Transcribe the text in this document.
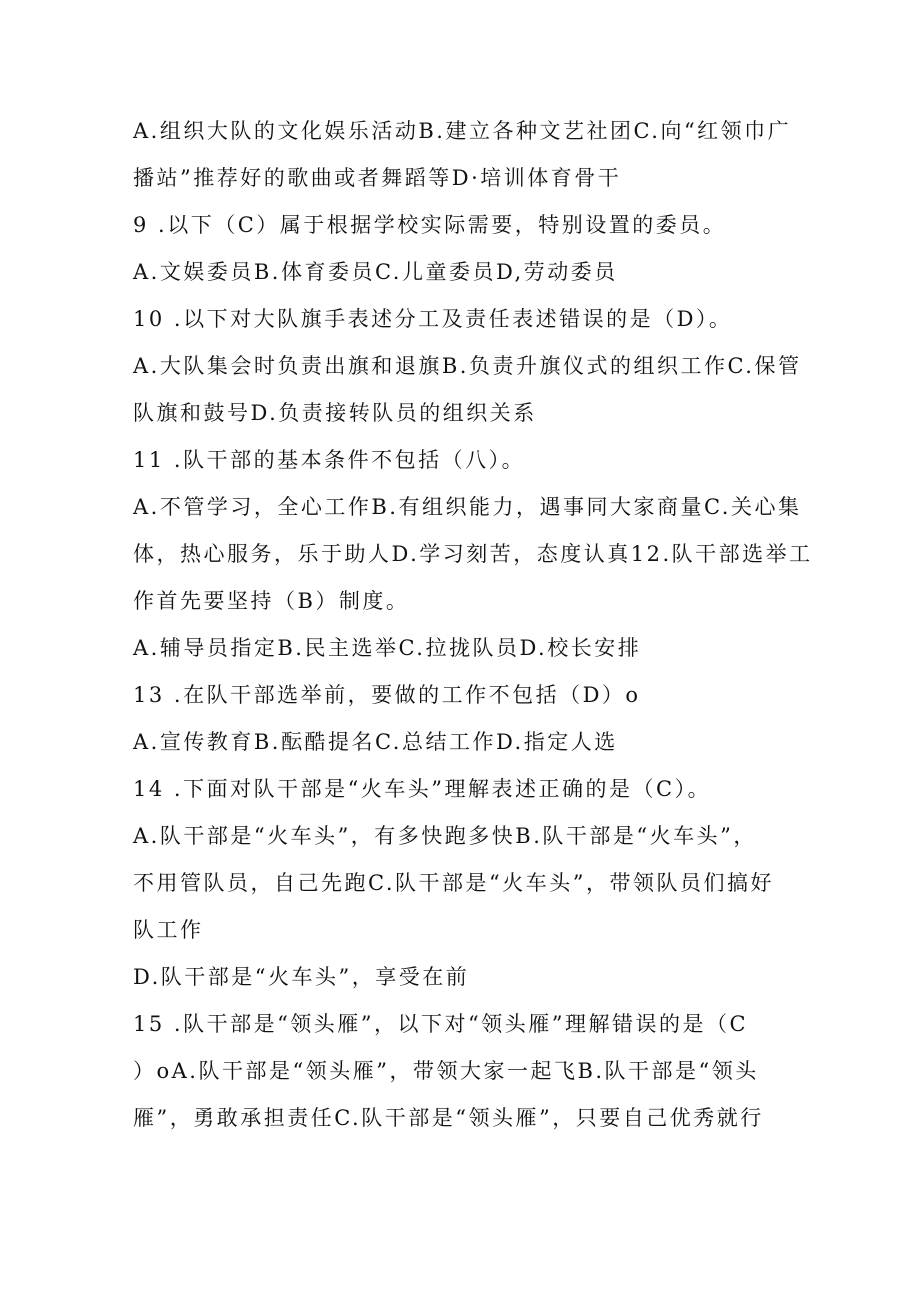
A.组织大队的文化娱乐活动B.建立各种文艺社团C.向“红领巾广
播站”推荐好的歌曲或者舞蹈等D·培训体育骨干
9 .以下（C）属于根据学校实际需要，特别设置的委员。
A.文娱委员B.体育委员C.儿童委员D,劳动委员
10 .以下对大队旗手表述分工及责任表述错误的是（D）。
A.大队集会时负责出旗和退旗B.负责升旗仪式的组织工作C.保管
队旗和鼓号D.负责接转队员的组织关系
11 .队干部的基本条件不包括（八）。
A.不管学习，全心工作B.有组织能力，遇事同大家商量C.关心集
体，热心服务，乐于助人D.学习刻苦，态度认真12.队干部选举工
作首先要坚持（B）制度。
A.辅导员指定B.民主选举C.拉拢队员D.校长安排
13 .在队干部选举前，要做的工作不包括（D）o
A.宣传教育B.酝酷提名C.总结工作D.指定人选
14 .下面对队干部是“火车头”理解表述正确的是（C）。
A.队干部是“火车头”，有多快跑多快B.队干部是“火车头”，
不用管队员，自己先跑C.队干部是“火车头”，带领队员们搞好
队工作
D.队干部是“火车头”，享受在前
15 .队干部是“领头雁”，以下对“领头雁”理解错误的是（C
）oA.队干部是“领头雁”，带领大家一起飞B.队干部是“领头
雁”，勇敢承担责任C.队干部是“领头雁”，只要自己优秀就行
